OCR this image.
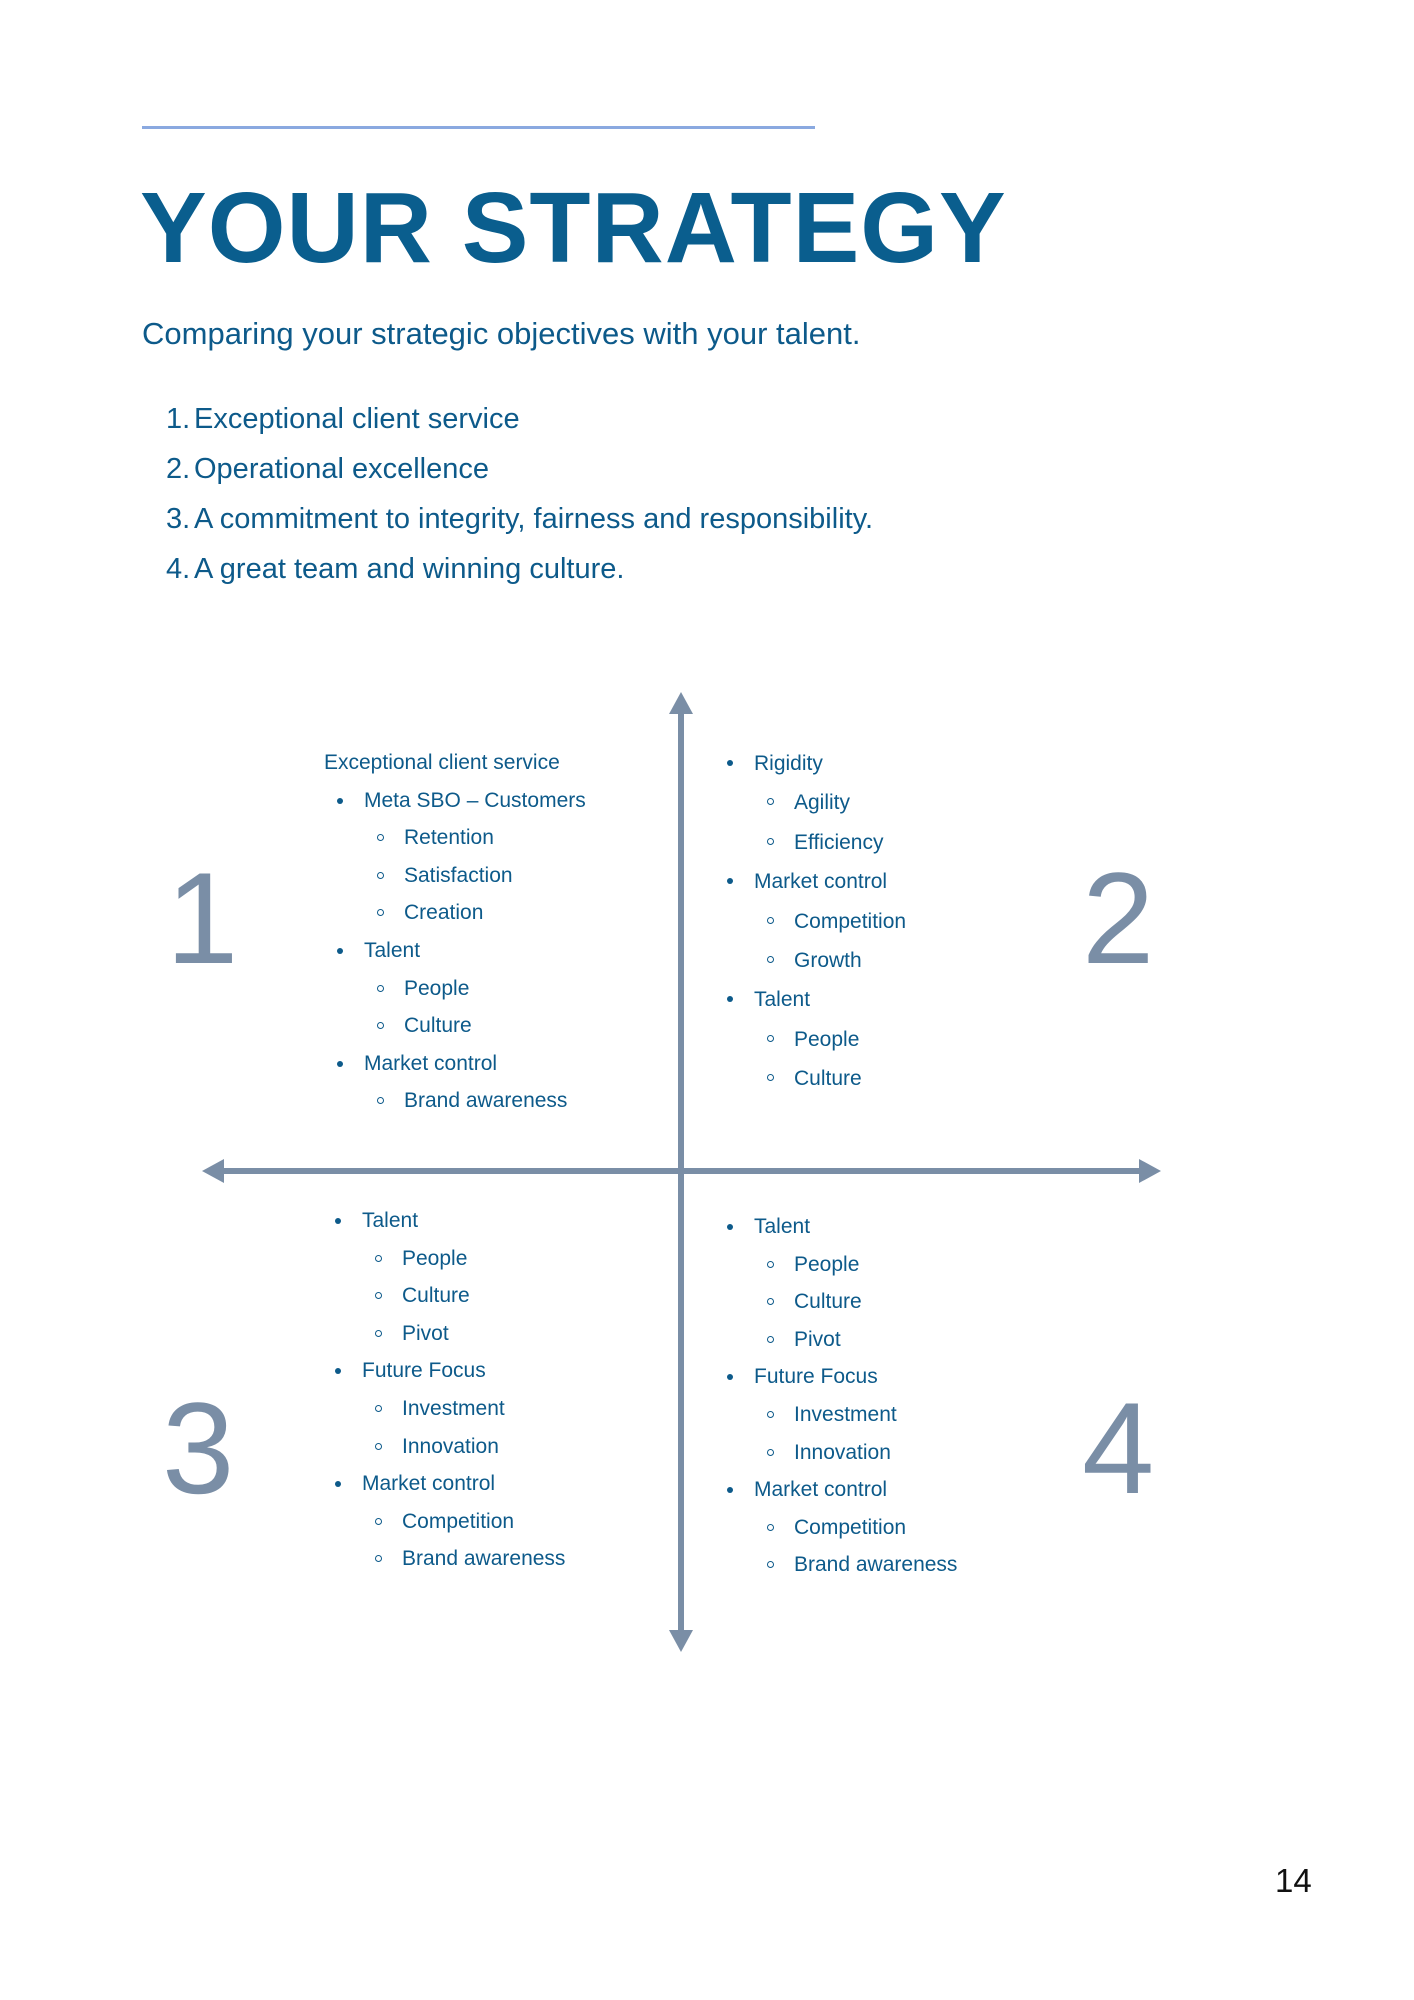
YOUR STRATEGY

Comparing your strategic objectives with your talent.

1. Exceptional client service
2. Operational excellence
3. A commitment to integrity, fairness and responsibility.
4. A great team and winning culture.
1	2
3	4
Exceptional client service
Meta SBO – Customers
Retention
Satisfaction
Creation
Talent
People
Culture
Market control
Brand awareness
Rigidity
Agility
Efficiency
Market control
Competition
Growth
Talent
People
Culture
Talent
People
Culture
Pivot
Future Focus
Investment
Innovation
Market control
Competition
Brand awareness
Talent
People
Culture
Pivot
Future Focus
Investment
Innovation
Market control
Competition
Brand awareness
14
